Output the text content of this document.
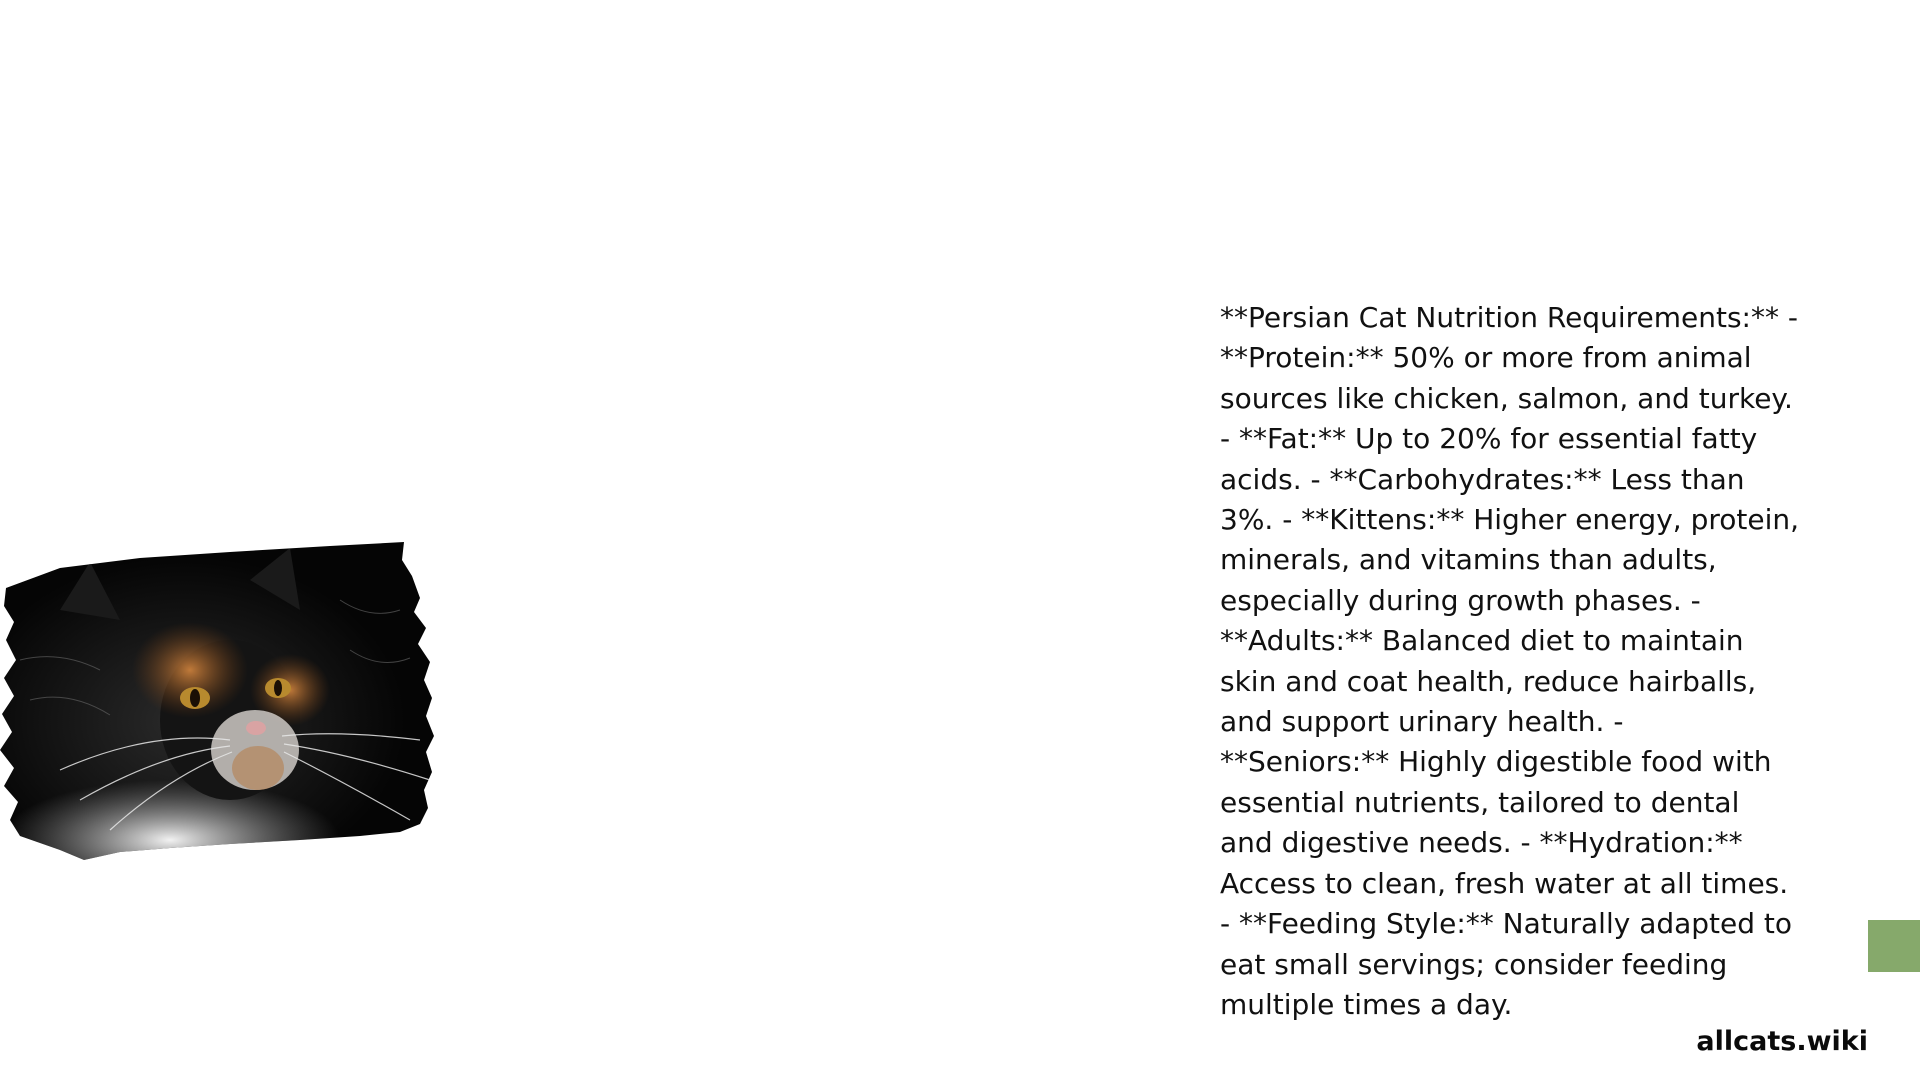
**Persian Cat Nutrition Requirements:** - **Protein:** 50% or more from animal sources like chicken, salmon, and turkey. - **Fat:** Up to 20% for essential fatty acids. - **Carbohydrates:** Less than 3%. - **Kittens:** Higher energy, protein, minerals, and vitamins than adults, especially during growth phases. - **Adults:** Balanced diet to maintain skin and coat health, reduce hairballs, and support urinary health. - **Seniors:** Highly digestible food with essential nutrients, tailored to dental and digestive needs. - **Hydration:** Access to clean, fresh water at all times. - **Feeding Style:** Naturally adapted to eat small servings; consider feeding multiple times a day.

allcats.wiki
